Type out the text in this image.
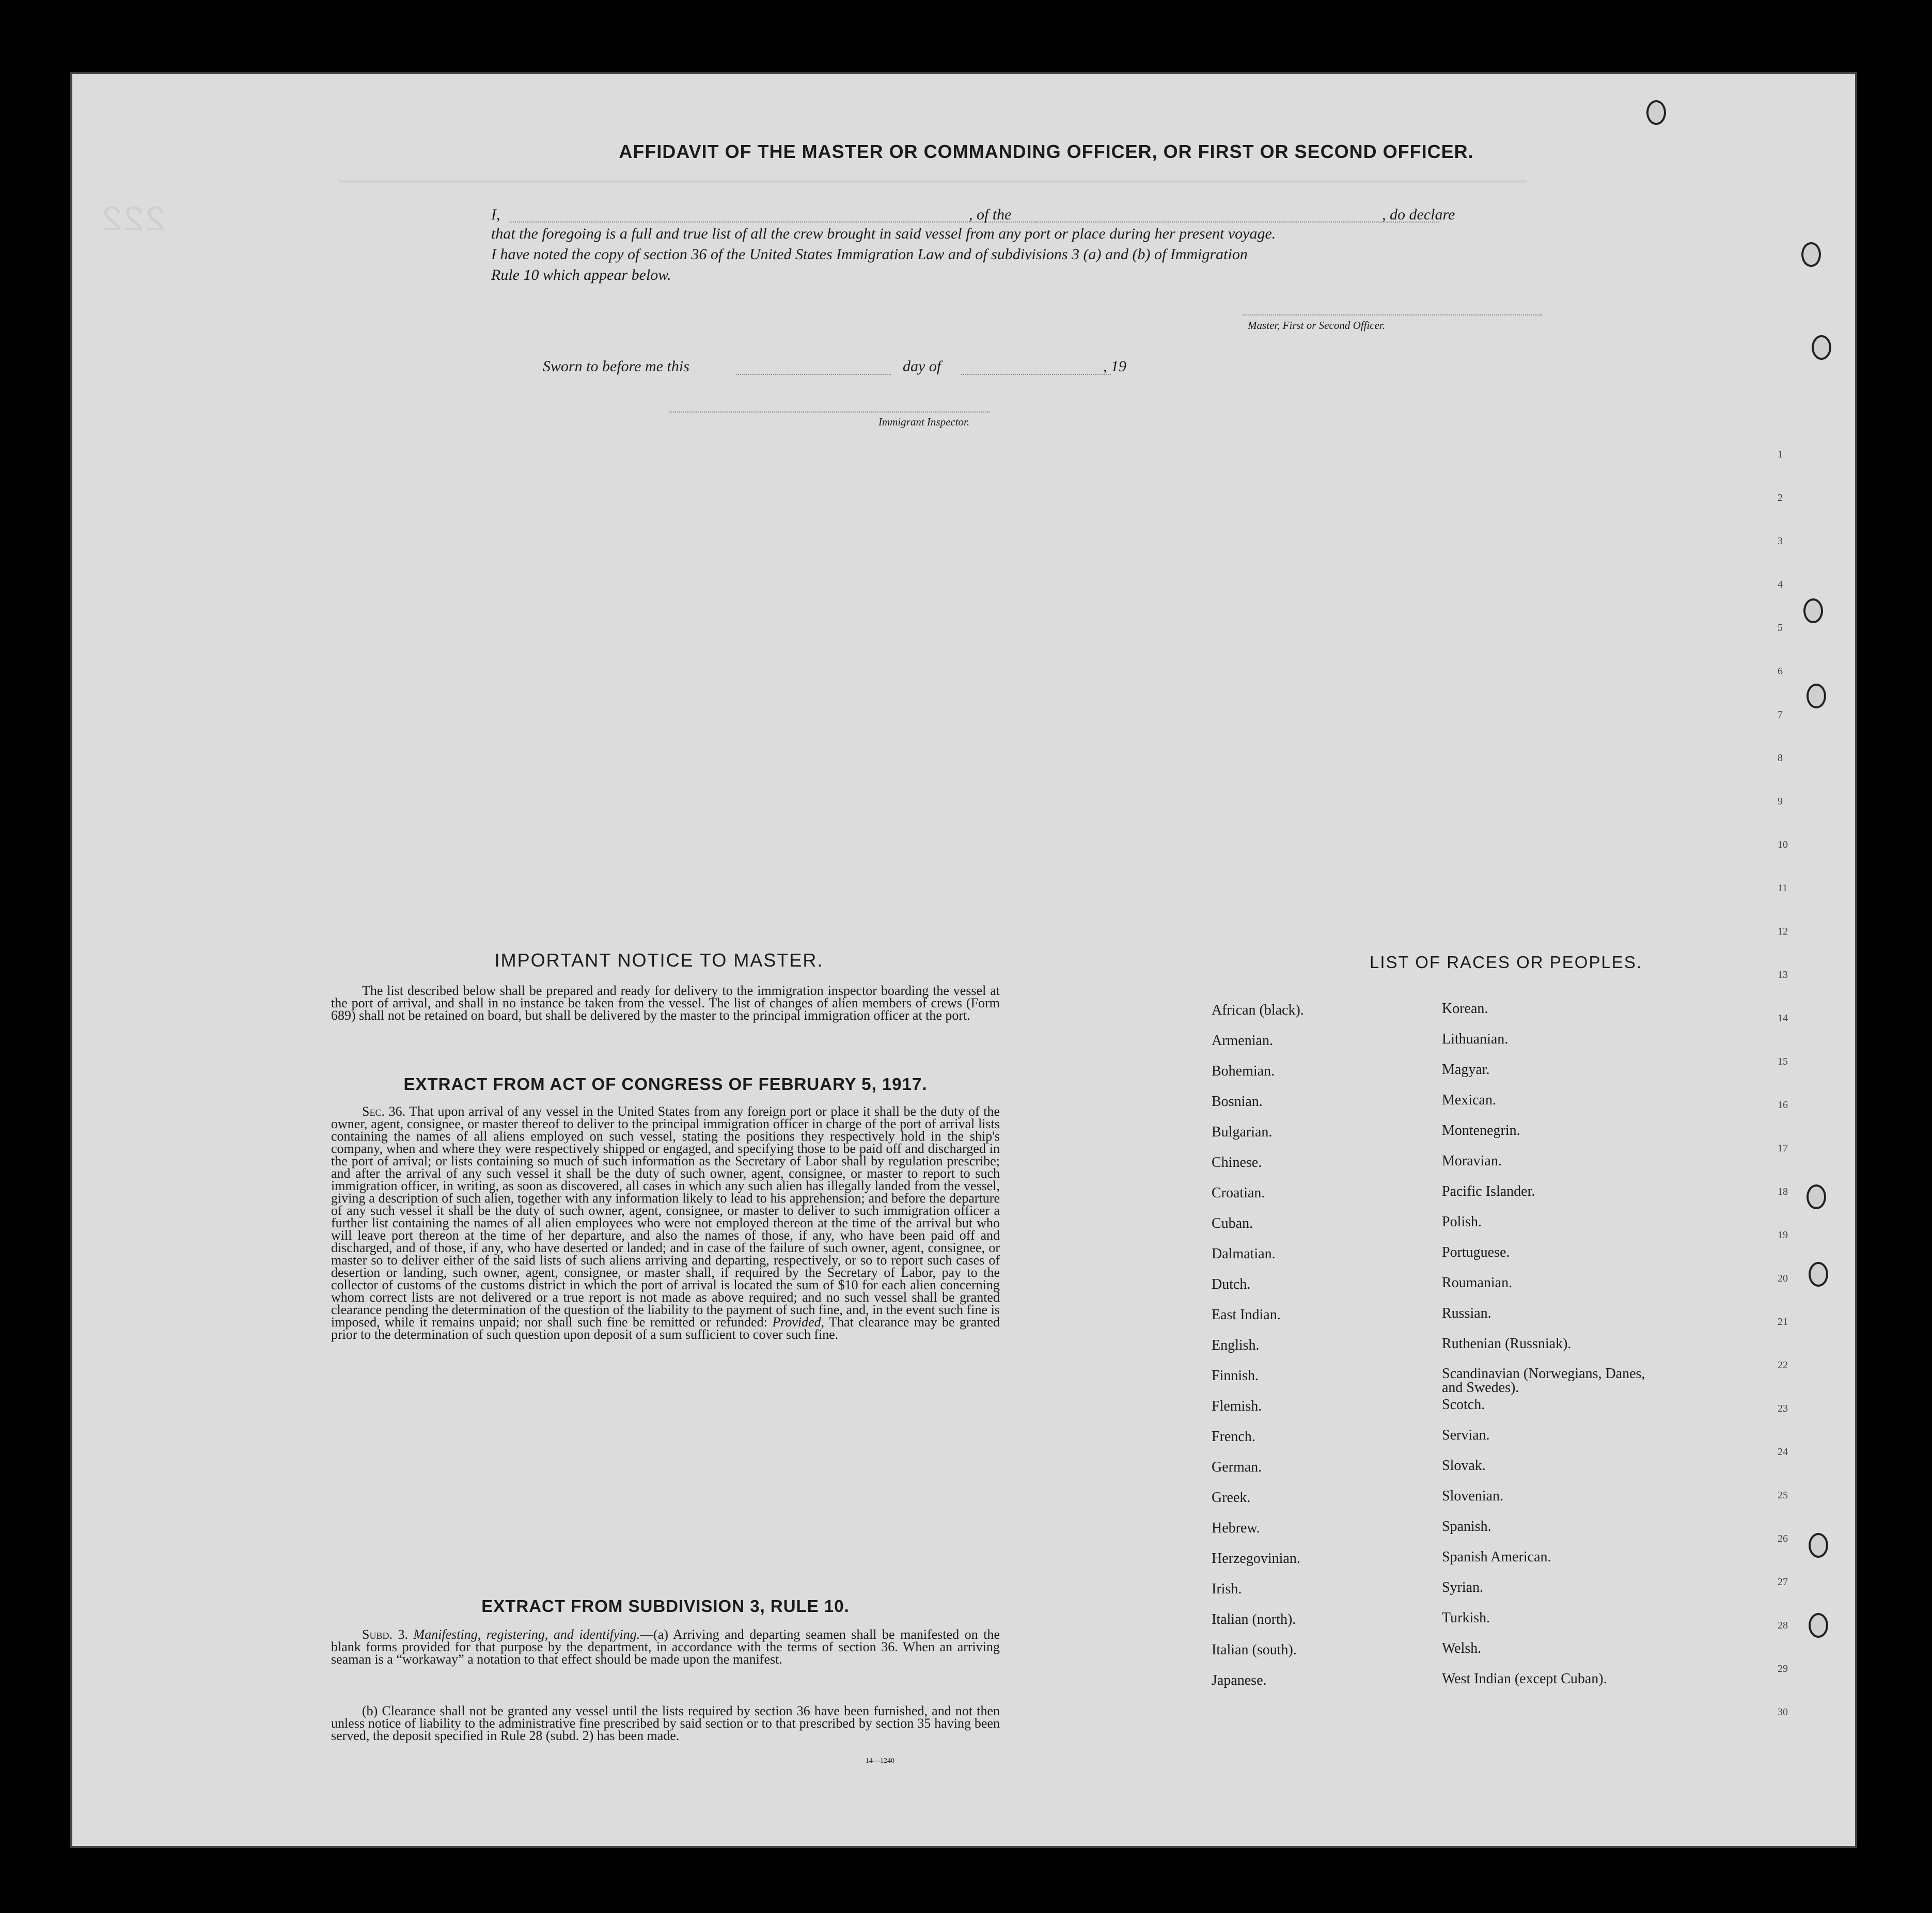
222
1
2
3
4
5
6
7
8
9
10
11
12
13
14
15
16
17
18
19
20
21
22
23
24
25
26
27
28
29
30
AFFIDAVIT OF THE MASTER OR COMMANDING OFFICER, OR FIRST OR SECOND OFFICER.
I,	, of the	, do declare
that the foregoing is a full and true list of all the crew brought in said vessel from any port or place during her present voyage.
I have noted the copy of section 36 of the United States Immigration Law and of subdivisions 3 (a) and (b) of Immigration
Rule 10 which appear below.
Master, First or Second Officer.
Sworn to before me this	day of	, 19
Immigrant Inspector.
IMPORTANT NOTICE TO MASTER.
The list described below shall be prepared and ready for delivery to the immigration inspector boarding the vessel at the port of arrival, and shall in no instance be taken from the vessel. The list of changes of alien members of crews (Form 689) shall not be retained on board, but shall be delivered by the master to the principal immigration officer at the port.
EXTRACT FROM ACT OF CONGRESS OF FEBRUARY 5, 1917.
Sec. 36. That upon arrival of any vessel in the United States from any foreign port or place it shall be the duty of the owner, agent, consignee, or master thereof to deliver to the principal immigration officer in charge of the port of arrival lists containing the names of all aliens employed on such vessel, stating the positions they respectively hold in the ship's company, when and where they were respectively shipped or engaged, and specifying those to be paid off and discharged in the port of arrival; or lists containing so much of such information as the Secretary of Labor shall by regulation prescribe; and after the arrival of any such vessel it shall be the duty of such owner, agent, consignee, or master to report to such immigration officer, in writing, as soon as discovered, all cases in which any such alien has illegally landed from the vessel, giving a description of such alien, together with any information likely to lead to his apprehension; and before the departure of any such vessel it shall be the duty of such owner, agent, consignee, or master to deliver to such immigration officer a further list containing the names of all alien employees who were not employed thereon at the time of the arrival but who will leave port thereon at the time of her departure, and also the names of those, if any, who have been paid off and discharged, and of those, if any, who have deserted or landed; and in case of the failure of such owner, agent, consignee, or master so to deliver either of the said lists of such aliens arriving and departing, respectively, or so to report such cases of desertion or landing, such owner, agent, consignee, or master shall, if required by the Secretary of Labor, pay to the collector of customs of the customs district in which the port of arrival is located the sum of $10 for each alien concerning whom correct lists are not delivered or a true report is not made as above required; and no such vessel shall be granted clearance pending the determination of the question of the liability to the payment of such fine, and, in the event such fine is imposed, while it remains unpaid; nor shall such fine be remitted or refunded: Provided, That clearance may be granted prior to the determination of such question upon deposit of a sum sufficient to cover such fine.
EXTRACT FROM SUBDIVISION 3, RULE 10.
Subd. 3. Manifesting, registering, and identifying.—(a) Arriving and departing seamen shall be manifested on the blank forms provided for that purpose by the department, in accordance with the terms of section 36. When an arriving seaman is a “workaway” a notation to that effect should be made upon the manifest.
(b) Clearance shall not be granted any vessel until the lists required by section 36 have been furnished, and not then unless notice of liability to the administrative fine prescribed by said section or to that prescribed by section 35 having been served, the deposit specified in Rule 28 (subd. 2) has been made.
14—1240
LIST OF RACES OR PEOPLES.
African (black).
Armenian.
Bohemian.
Bosnian.
Bulgarian.
Chinese.
Croatian.
Cuban.
Dalmatian.
Dutch.
East Indian.
English.
Finnish.
Flemish.
French.
German.
Greek.
Hebrew.
Herzegovinian.
Irish.
Italian (north).
Italian (south).
Japanese.
Korean.
Lithuanian.
Magyar.
Mexican.
Montenegrin.
Moravian.
Pacific Islander.
Polish.
Portuguese.
Roumanian.
Russian.
Ruthenian (Russniak).
Scandinavian (Norwegians, Danes, and Swedes).
Scotch.
Servian.
Slovak.
Slovenian.
Spanish.
Spanish American.
Syrian.
Turkish.
Welsh.
West Indian (except Cuban).
